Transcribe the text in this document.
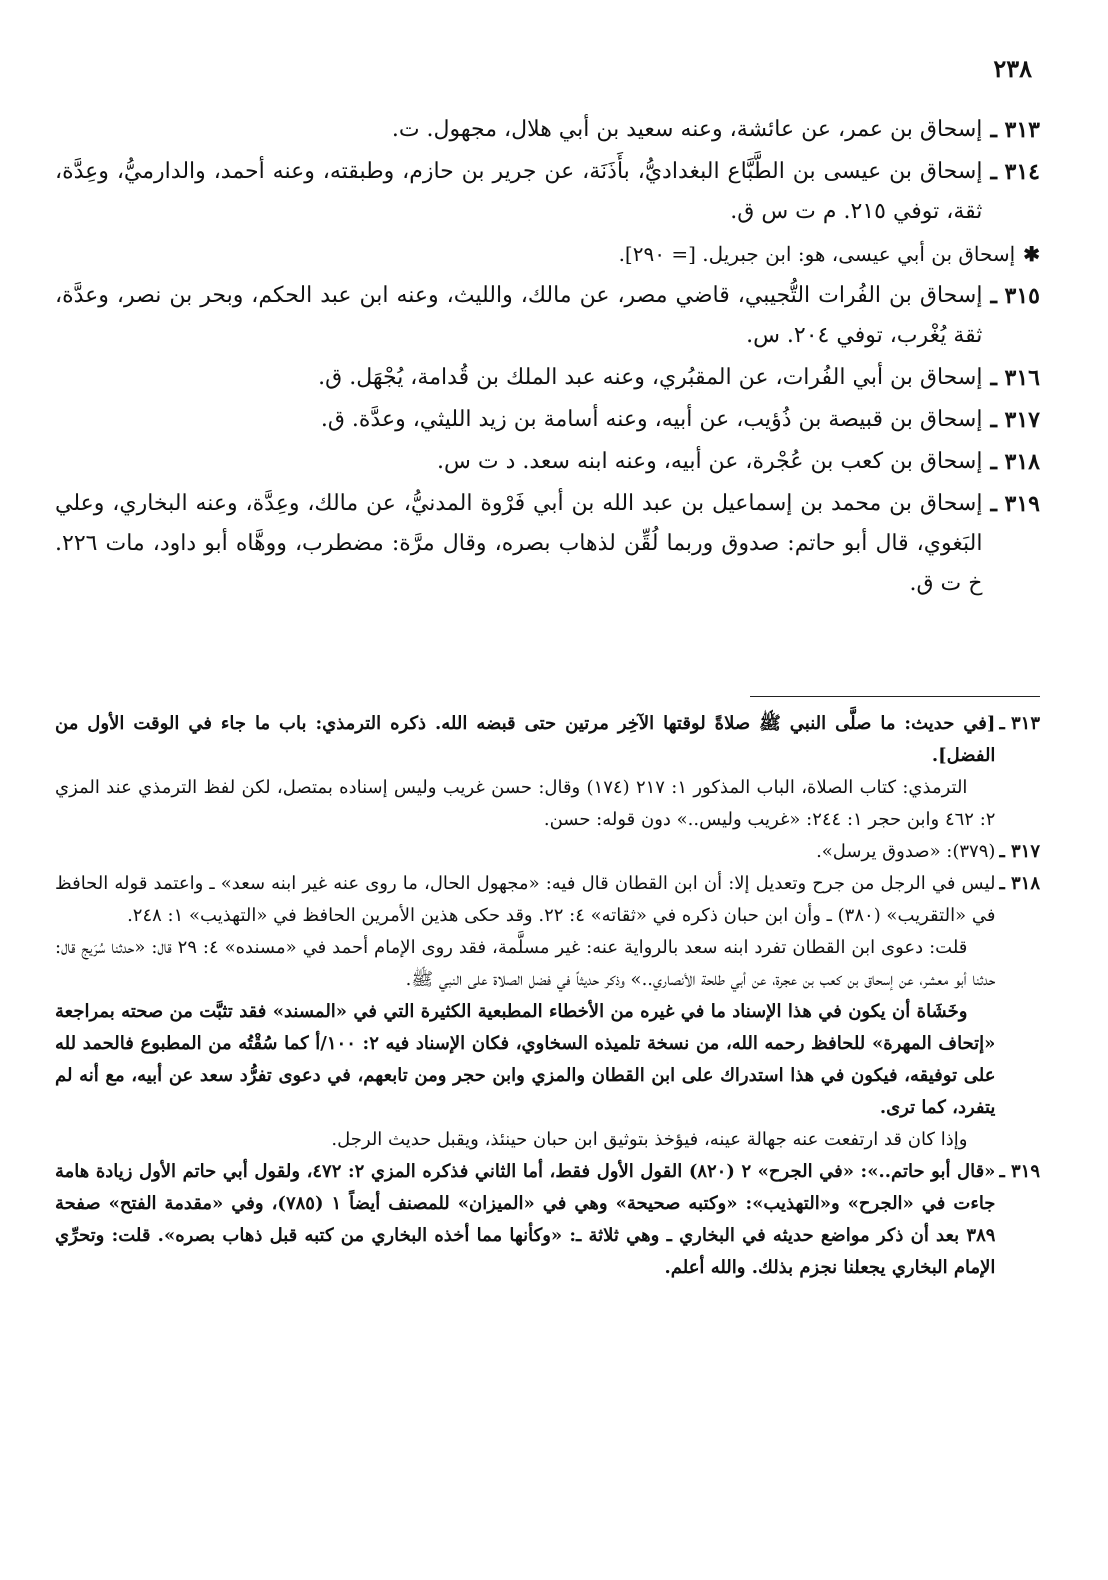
٢٣٨
٣١٣ ـ
إسحاق بن عمر، عن عائشة، وعنه سعيد بن أبي هلال، مجهول. ت.
٣١٤ ـ
إسحاق بن عيسى بن الطَّبَّاع البغداديُّ، بأَذَنَة، عن جرير بن حازم، وطبقته، وعنه أحمد، والدارميُّ، وعِدَّة، ثقة، توفي ٢١٥. م ت س ق.
✱
إسحاق بن أبي عيسى، هو: ابن جبريل. [= ٢٩٠].
٣١٥ ـ
إسحاق بن الفُرات التُّجيبي، قاضي مصر، عن مالك، والليث، وعنه ابن عبد الحكم، وبحر بن نصر، وعدَّة، ثقة يُغْرب، توفي ٢٠٤. س.
٣١٦ ـ
إسحاق بن أبي الفُرات، عن المقبُري، وعنه عبد الملك بن قُدامة، يُجْهَل. ق.
٣١٧ ـ
إسحاق بن قبيصة بن ذُؤيب، عن أبيه، وعنه أسامة بن زيد الليثي، وعدَّة. ق.
٣١٨ ـ
إسحاق بن كعب بن عُجْرة، عن أبيه، وعنه ابنه سعد. د ت س.
٣١٩ ـ
إسحاق بن محمد بن إسماعيل بن عبد الله بن أبي فَرْوة المدنيُّ، عن مالك، وعِدَّة، وعنه البخاري، وعلي البَغوي، قال أبو حاتم: صدوق وربما لُقِّن لذهاب بصره، وقال مرَّة: مضطرب، ووهَّاه أبو داود، مات ٢٢٦. خ ت ق.
٣١٣ ـ

[في حديث: ما صلَّى النبي ﷺ صلاةً لوقتها الآخِر مرتين حتى قبضه الله. ذكره الترمذي: باب ما جاء في الوقت الأول من الفضل].

الترمذي: كتاب الصلاة، الباب المذكور ١: ٢١٧ (١٧٤) وقال: حسن غريب وليس إسناده بمتصل، لكن لفظ الترمذي عند المزي ٢: ٤٦٢ وابن حجر ١: ٢٤٤: «غريب وليس..» دون قوله: حسن.

٣١٧ ـ

(٣٧٩): «صدوق يرسل».

٣١٨ ـ

ليس في الرجل من جرح وتعديل إلا: أن ابن القطان قال فيه: «مجهول الحال، ما روى عنه غير ابنه سعد» ـ واعتمد قوله الحافظ في «التقريب» (٣٨٠) ـ وأن ابن حبان ذكره في «ثقاته» ٤: ٢٢. وقد حكى هذين الأمرين الحافظ في «التهذيب» ١: ٢٤٨.

قلت: دعوى ابن القطان تفرد ابنه سعد بالرواية عنه: غير مسلَّمة، فقد روى الإمام أحمد في «مسنده» ٤: ٢٩ قال: «حدثنا سُرَيج قال: حدثنا أبو معشر، عن إسحاق بن كعب بن عجرة، عن أبي طلحة الأنصاري..» وذكر حديثاً في فضل الصلاة على النبي ﷺ.

وخَشَاة أن يكون في هذا الإسناد ما في غيره من الأخطاء المطبعية الكثيرة التي في «المسند» فقد تثبَّت من صحته بمراجعة «إتحاف المهرة» للحافظ رحمه الله، من نسخة تلميذه السخاوي، فكان الإسناد فيه ٢: ١٠٠/أ كما سُقْتُه من المطبوع فالحمد لله على توفيقه، فيكون في هذا استدراك على ابن القطان والمزي وابن حجر ومن تابعهم، في دعوى تفرُّد سعد عن أبيه، مع أنه لم يتفرد، كما ترى.

وإذا كان قد ارتفعت عنه جهالة عينه، فيؤخذ بتوثيق ابن حبان حينئذ، ويقبل حديث الرجل.

٣١٩ ـ

«قال أبو حاتم..»: «في الجرح» ٢ (٨٢٠) القول الأول فقط، أما الثاني فذكره المزي ٢: ٤٧٢، ولقول أبي حاتم الأول زيادة هامة جاءت في «الجرح» و«التهذيب»: «وكتبه صحيحة» وهي في «الميزان» للمصنف أيضاً ١ (٧٨٥)، وفي «مقدمة الفتح» صفحة ٣٨٩ بعد أن ذكر مواضع حديثه في البخاري ـ وهي ثلاثة ـ: «وكأنها مما أخذه البخاري من كتبه قبل ذهاب بصره». قلت: وتحرِّي الإمام البخاري يجعلنا نجزم بذلك. والله أعلم.
